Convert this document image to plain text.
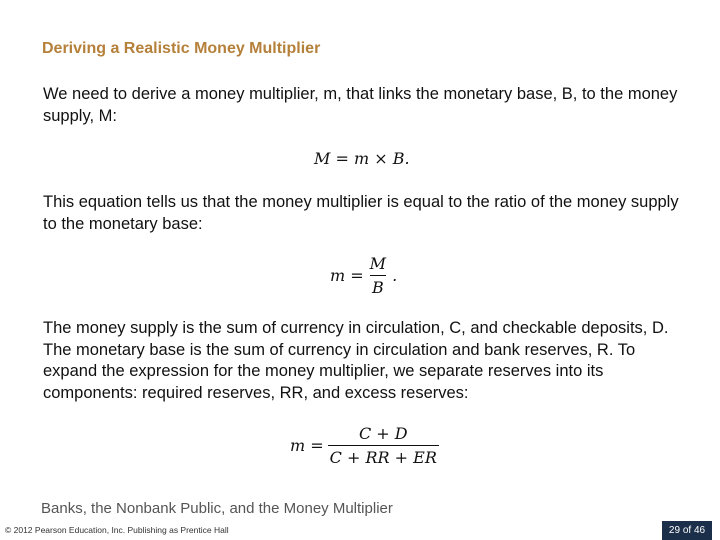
Deriving a Realistic Money Multiplier
We need to derive a money multiplier, m, that links the monetary base, B, to the money supply, M:
M = m × B.
This equation tells us that the money multiplier is equal to the ratio of the money supply to the monetary base:
$m = \frac{M}{B}$ .
The money supply is the sum of currency in circulation, C, and checkable deposits, D. The monetary base is the sum of currency in circulation and bank reserves, R. To expand the expression for the money multiplier, we separate reserves into its components: required reserves, RR, and excess reserves:
$m = \frac{C + D}{C + RR + ER}$
Banks, the Nonbank Public, and the Money Multiplier
© 2012 Pearson Education, Inc. Publishing as Prentice Hall	29 of 46
